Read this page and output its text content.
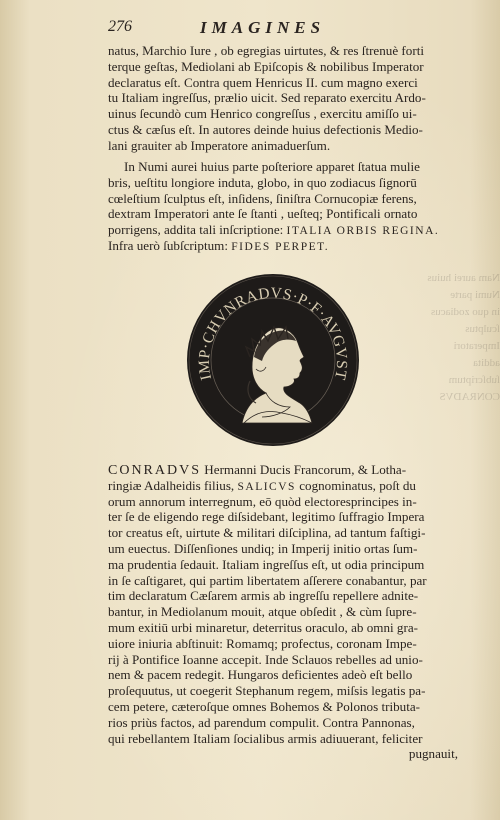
Nam aurei huius
Numi parte
in quo zodiacus
ſculptus
Imperatori
addita
ſubſcriptum
CONRADVS
276	IMAGINES
natus, Marchio Iure , ob egregias uirtutes, & res ſtrenuè forti
terque geſtas, Mediolani ab Epiſcopis & nobilibus Imperator
declaratus eſt. Contra quem Henricus II. cum magno exerci
tu Italiam ingreſſus, prælio uicit. Sed reparato exercitu Ardo-
uinus ſecundò cum Henrico congreſſus , exercitu amiſſo ui-
ctus & cæſus eſt. In autores deinde huius defectionis Medio-
lani grauiter ab Imperatore animaduerſum.
In Numi aurei huius parte poſteriore apparet ſtatua mulie
bris, ueſtitu longiore induta, globo, in quo zodiacus ſignorū
cœleſtium ſculptus eſt, inſidens, ſiniſtra Cornucopiæ ferens,
dextram Imperatori ante ſe ſtanti , ueſteq; Pontificali ornato
porrigens, addita tali inſcriptione: ITALIA ORBIS REGINA.
Infra uerò ſubſcriptum: FIDES PERPET.
IMP·CHVNRADVS·P·F·AVGVST
CONRADVS Hermanni Ducis Francorum, & Lotha-
ringiæ Adalheidis filius, SALICVS cognominatus, poſt du
orum annorum interregnum, eō quòd electoresprincipes in-
ter ſe de eligendo rege diſsidebant, legitimo ſuffragio Impera
tor creatus eſt, uirtute & militari diſciplina, ad tantum faſtigi-
um euectus. Diſſenſiones undiq; in Imperij initio ortas ſum-
ma prudentia ſedauit. Italiam ingreſſus eſt, ut odia principum
in ſe caſtigaret, qui partim libertatem aſſerere conabantur, par
tim declaratum Cæſarem armis ab ingreſſu repellere adnite-
bantur, in Mediolanum mouit, atque obſedit , & cùm ſupre-
mum exitiū urbi minaretur, deterritus oraculo, ab omni gra-
uiore iniuria abſtinuit: Romamq; profectus, coronam Impe-
rij à Pontifice Ioanne accepit. Inde Sclauos rebelles ad unio-
nem & pacem redegit. Hungaros deficientes adeò eſt bello
proſequutus, ut coegerit Stephanum regem, miſsis legatis pa-
cem petere, cæteroſque omnes Bohemos & Polonos tributa-
rios priùs factos, ad parendum compulit. Contra Pannonas,
qui rebellantem Italiam ſocialibus armis adiuuerant, feliciter
pugnauit,
